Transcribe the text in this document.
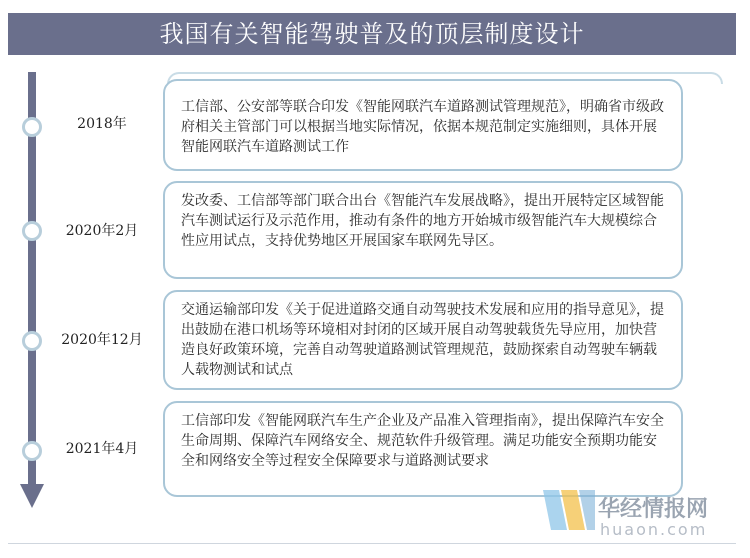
我国有关智能驾驶普及的顶层制度设计
2018年
工信部、公安部等联合印发《智能网联汽车道路测试管理规范》，明确省市级政府相关主管部门可以根据当地实际情况，依据本规范制定实施细则，具体开展智能网联汽车道路测试工作
2020年2月
发改委、工信部等部门联合出台《智能汽车发展战略》，提出开展特定区域智能汽车测试运行及示范作用，推动有条件的地方开始城市级智能汽车大规模综合性应用试点，支持优势地区开展国家车联网先导区。
2020年12月
交通运输部印发《关于促进道路交通自动驾驶技术发展和应用的指导意见》，提出鼓励在港口机场等环境相对封闭的区域开展自动驾驶载货先导应用，加快营造良好政策环境，完善自动驾驶道路测试管理规范，鼓励探索自动驾驶车辆载人载物测试和试点
2021年4月
工信部印发《智能网联汽车生产企业及产品准入管理指南》，提出保障汽车安全生命周期、保障汽车网络安全、规范软件升级管理。满足功能安全预期功能安全和网络安全等过程安全保障要求与道路测试要求
华经情报网
huaon.com
